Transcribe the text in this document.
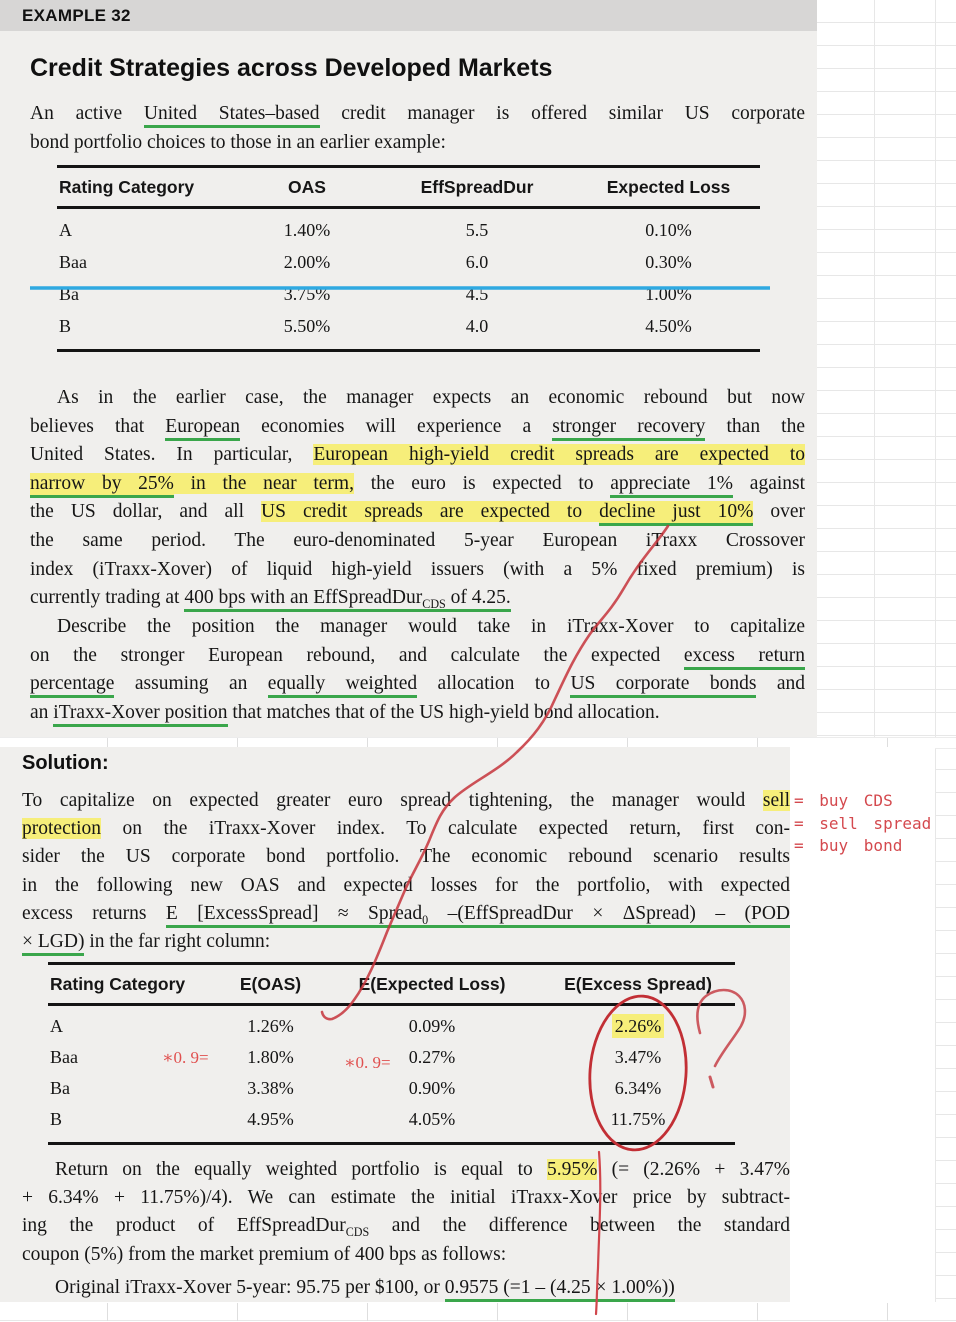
EXAMPLE 32
Credit Strategies across Developed Markets
An active United States–based credit manager is offered similar US corporate
bond portfolio choices to those in an earlier example:
Rating Category	OAS	EffSpreadDur	Expected Loss
A	1.40%	5.5	0.10%
Baa	2.00%	6.0	0.30%
Ba	3.75%	4.5	1.00%
B	5.50%	4.0	4.50%
As in the earlier case, the manager expects an economic rebound but now
believes that European economies will experience a stronger recovery than the
United States. In particular, European high-yield credit spreads are expected to
narrow by 25% in the near term, the euro is expected to appreciate 1% against
the US dollar, and all US credit spreads are expected to decline just 10% over
the same period. The euro-denominated 5-year European iTraxx Crossover
index (iTraxx-Xover) of liquid high-yield issuers (with a 5% fixed premium) is
currently trading at 400 bps with an EffSpreadDur$_{CDS}$ of 4.25.
Describe the position the manager would take in iTraxx-Xover to capitalize
on the stronger European rebound, and calculate the expected excess return
percentage assuming an equally weighted allocation to US corporate bonds and
an iTraxx-Xover position that matches that of the US high-yield bond allocation.
Solution:
To capitalize on expected greater euro spread tightening, the manager would sell
protection on the iTraxx-Xover index. To calculate expected return, first con-
sider the US corporate bond portfolio. The economic rebound scenario results
in the following new OAS and expected losses for the portfolio, with expected
excess returns E [ExcessSpread] ≈ Spread$_0$ –(EffSpreadDur × ΔSpread) – (POD
× LGD) in the far right column:
Rating Category	E(OAS)	E(Expected Loss)	E(Excess Spread)
A	1.26%	0.09%	2.26%
Baa	1.80%	0.27%	3.47%
Ba	3.38%	0.90%	6.34%
B	4.95%	4.05%	11.75%
Return on the equally weighted portfolio is equal to 5.95% (= (2.26% + 3.47%
+ 6.34% + 11.75%)/4). We can estimate the initial iTraxx-Xover price by subtract-
ing the product of EffSpreadDur$_{CDS}$ and the difference between the standard
coupon (5%) from the market premium of 400 bps as follows:
Original iTraxx-Xover 5-year: 95.75 per $100, or 0.9575 (=1 – (4.25 × 1.00%))
= buy CDS
= sell spread
= buy bond
∗0. 9=	∗0. 9=
